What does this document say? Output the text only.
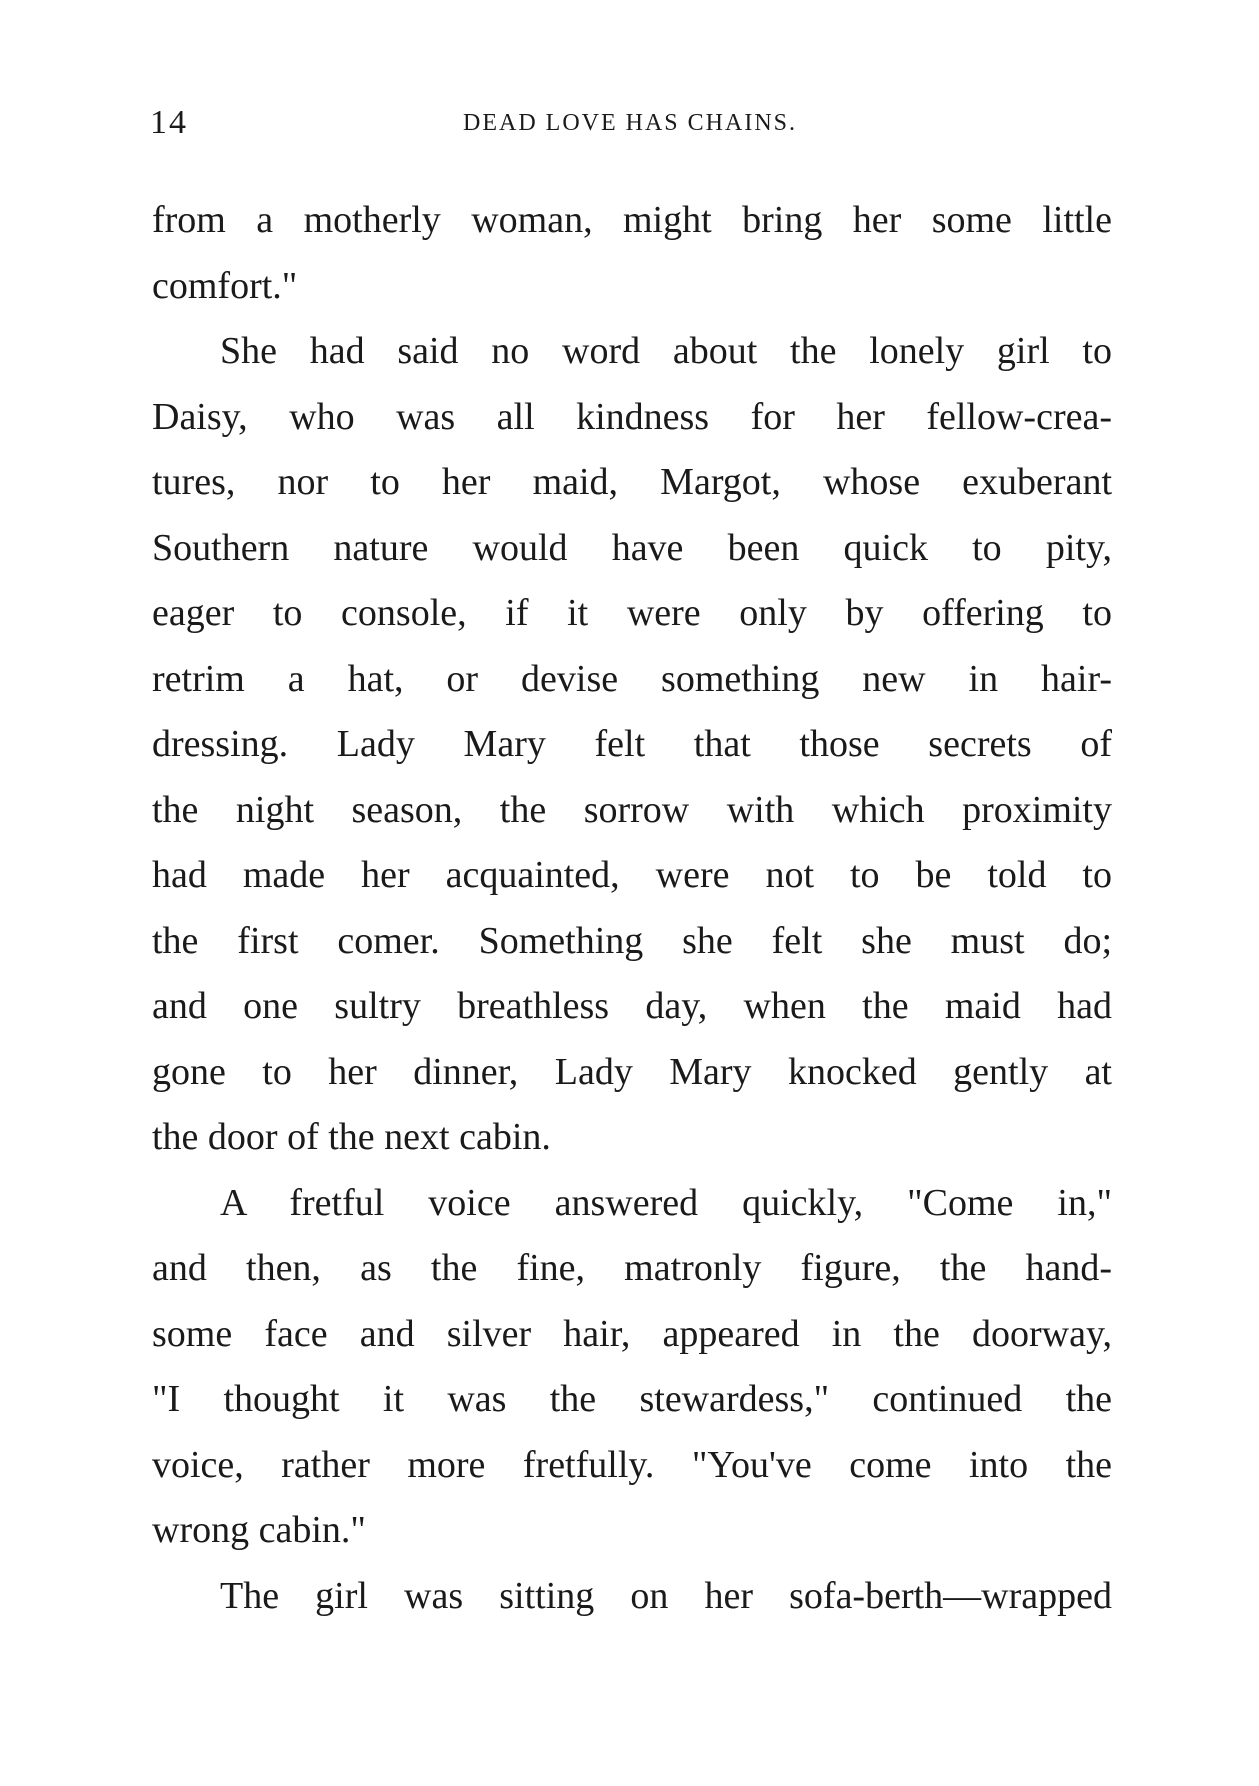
14	DEAD LOVE HAS CHAINS.
from a motherly woman, might bring her some little
comfort."
She had said no word about the lonely girl to
Daisy, who was all kindness for her fellow-crea-
tures, nor to her maid, Margot, whose exuberant
Southern nature would have been quick to pity,
eager to console, if it were only by offering to
retrim a hat, or devise something new in hair-
dressing. Lady Mary felt that those secrets of
the night season, the sorrow with which proximity
had made her acquainted, were not to be told to
the first comer. Something she felt she must do;
and one sultry breathless day, when the maid had
gone to her dinner, Lady Mary knocked gently at
the door of the next cabin.
A fretful voice answered quickly, "Come in,"
and then, as the fine, matronly figure, the hand-
some face and silver hair, appeared in the doorway,
"I thought it was the stewardess," continued the
voice, rather more fretfully. "You've come into the
wrong cabin."
The girl was sitting on her sofa-berth—wrapped
